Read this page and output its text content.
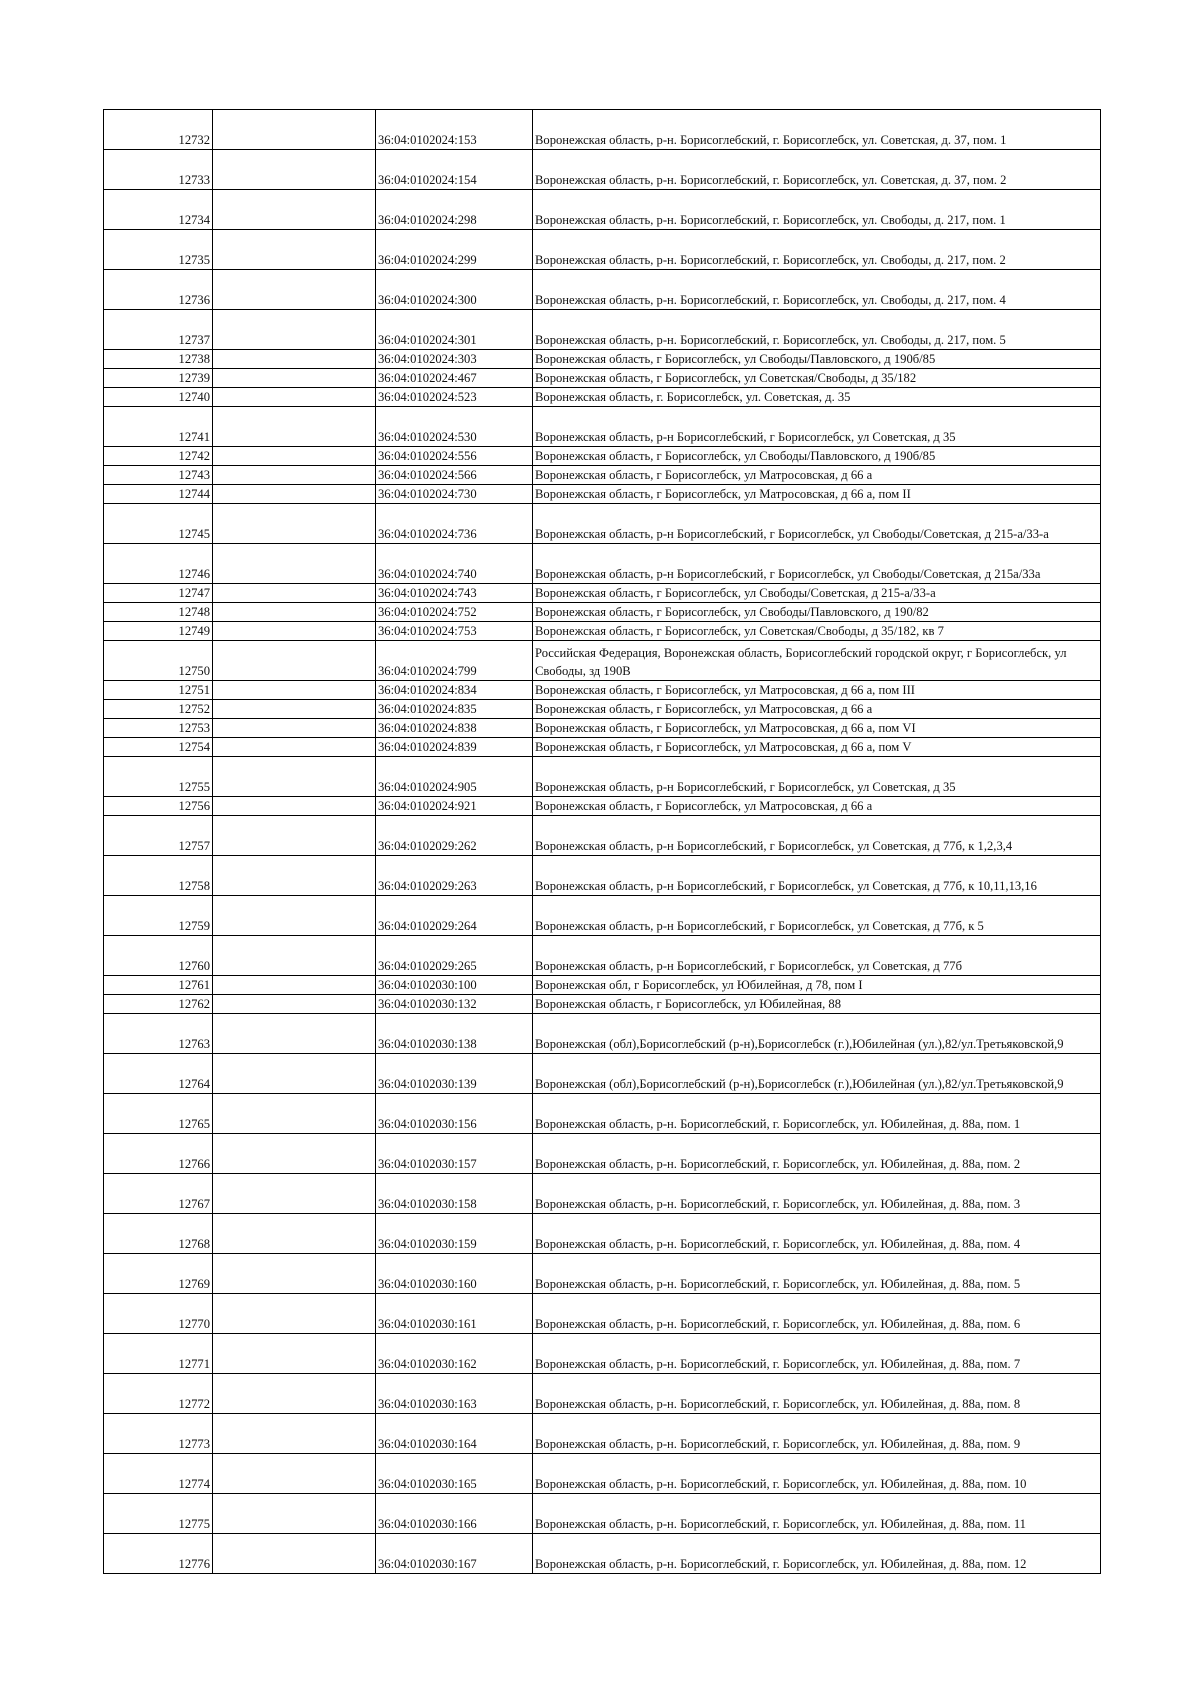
12732		36:04:0102024:153	Воронежская область, р-н. Борисоглебский, г. Борисоглебск, ул. Советская, д. 37, пом. 1
12733		36:04:0102024:154	Воронежская область, р-н. Борисоглебский, г. Борисоглебск, ул. Советская, д. 37, пом. 2
12734		36:04:0102024:298	Воронежская область, р-н. Борисоглебский, г. Борисоглебск, ул. Свободы, д. 217, пом. 1
12735		36:04:0102024:299	Воронежская область, р-н. Борисоглебский, г. Борисоглебск, ул. Свободы, д. 217, пом. 2
12736		36:04:0102024:300	Воронежская область, р-н. Борисоглебский, г. Борисоглебск, ул. Свободы, д. 217, пом. 4
12737		36:04:0102024:301	Воронежская область, р-н. Борисоглебский, г. Борисоглебск, ул. Свободы, д. 217, пом. 5
12738		36:04:0102024:303	Воронежская область, г Борисоглебск, ул Свободы/Павловского, д 190б/85
12739		36:04:0102024:467	Воронежская область, г Борисоглебск, ул Советская/Свободы, д 35/182
12740		36:04:0102024:523	Воронежская область, г. Борисоглебск, ул. Советская, д. 35
12741		36:04:0102024:530	Воронежская область, р-н Борисоглебский, г Борисоглебск, ул Советская, д 35
12742		36:04:0102024:556	Воронежская область, г Борисоглебск, ул Свободы/Павловского, д 190б/85
12743		36:04:0102024:566	Воронежская область, г Борисоглебск, ул Матросовская, д 66 а
12744		36:04:0102024:730	Воронежская область, г Борисоглебск, ул Матросовская, д 66 а, пом II
12745		36:04:0102024:736	Воронежская область, р-н Борисоглебский, г Борисоглебск, ул Свободы/Советская, д 215-а/33-а
12746		36:04:0102024:740	Воронежская область, р-н Борисоглебский, г Борисоглебск, ул Свободы/Советская, д 215а/33а
12747		36:04:0102024:743	Воронежская область, г Борисоглебск, ул Свободы/Советская, д 215-а/33-а
12748		36:04:0102024:752	Воронежская область, г Борисоглебск, ул Свободы/Павловского, д 190/82
12749		36:04:0102024:753	Воронежская область, г Борисоглебск, ул Советская/Свободы, д 35/182, кв 7
12750		36:04:0102024:799	Российская Федерация, Воронежская область, Борисоглебский городской округ, г Борисоглебск, ул Свободы, зд 190В
12751		36:04:0102024:834	Воронежская область, г Борисоглебск, ул Матросовская, д 66 а, пом III
12752		36:04:0102024:835	Воронежская область, г Борисоглебск, ул Матросовская, д 66 а
12753		36:04:0102024:838	Воронежская область, г Борисоглебск, ул Матросовская, д 66 а, пом VI
12754		36:04:0102024:839	Воронежская область, г Борисоглебск, ул Матросовская, д 66 а, пом V
12755		36:04:0102024:905	Воронежская область, р-н Борисоглебский, г Борисоглебск, ул Советская, д 35
12756		36:04:0102024:921	Воронежская область, г Борисоглебск, ул Матросовская, д 66 а
12757		36:04:0102029:262	Воронежская область, р-н Борисоглебский, г Борисоглебск, ул Советская, д 77б, к 1,2,3,4
12758		36:04:0102029:263	Воронежская область, р-н Борисоглебский, г Борисоглебск, ул Советская, д 77б, к 10,11,13,16
12759		36:04:0102029:264	Воронежская область, р-н Борисоглебский, г Борисоглебск, ул Советская, д 77б, к 5
12760		36:04:0102029:265	Воронежская область, р-н Борисоглебский, г Борисоглебск, ул Советская, д 77б
12761		36:04:0102030:100	Воронежская обл, г Борисоглебск, ул Юбилейная, д 78, пом I
12762		36:04:0102030:132	Воронежская область, г Борисоглебск, ул Юбилейная, 88
12763		36:04:0102030:138	Воронежская (обл),Борисоглебский (р-н),Борисоглебск (г.),Юбилейная (ул.),82/ул.Третьяковской,9
12764		36:04:0102030:139	Воронежская (обл),Борисоглебский (р-н),Борисоглебск (г.),Юбилейная (ул.),82/ул.Третьяковской,9
12765		36:04:0102030:156	Воронежская область, р-н. Борисоглебский, г. Борисоглебск, ул. Юбилейная, д. 88а, пом. 1
12766		36:04:0102030:157	Воронежская область, р-н. Борисоглебский, г. Борисоглебск, ул. Юбилейная, д. 88а, пом. 2
12767		36:04:0102030:158	Воронежская область, р-н. Борисоглебский, г. Борисоглебск, ул. Юбилейная, д. 88а, пом. 3
12768		36:04:0102030:159	Воронежская область, р-н. Борисоглебский, г. Борисоглебск, ул. Юбилейная, д. 88а, пом. 4
12769		36:04:0102030:160	Воронежская область, р-н. Борисоглебский, г. Борисоглебск, ул. Юбилейная, д. 88а, пом. 5
12770		36:04:0102030:161	Воронежская область, р-н. Борисоглебский, г. Борисоглебск, ул. Юбилейная, д. 88а, пом. 6
12771		36:04:0102030:162	Воронежская область, р-н. Борисоглебский, г. Борисоглебск, ул. Юбилейная, д. 88а, пом. 7
12772		36:04:0102030:163	Воронежская область, р-н. Борисоглебский, г. Борисоглебск, ул. Юбилейная, д. 88а, пом. 8
12773		36:04:0102030:164	Воронежская область, р-н. Борисоглебский, г. Борисоглебск, ул. Юбилейная, д. 88а, пом. 9
12774		36:04:0102030:165	Воронежская область, р-н. Борисоглебский, г. Борисоглебск, ул. Юбилейная, д. 88а, пом. 10
12775		36:04:0102030:166	Воронежская область, р-н. Борисоглебский, г. Борисоглебск, ул. Юбилейная, д. 88а, пом. 11
12776		36:04:0102030:167	Воронежская область, р-н. Борисоглебский, г. Борисоглебск, ул. Юбилейная, д. 88а, пом. 12
